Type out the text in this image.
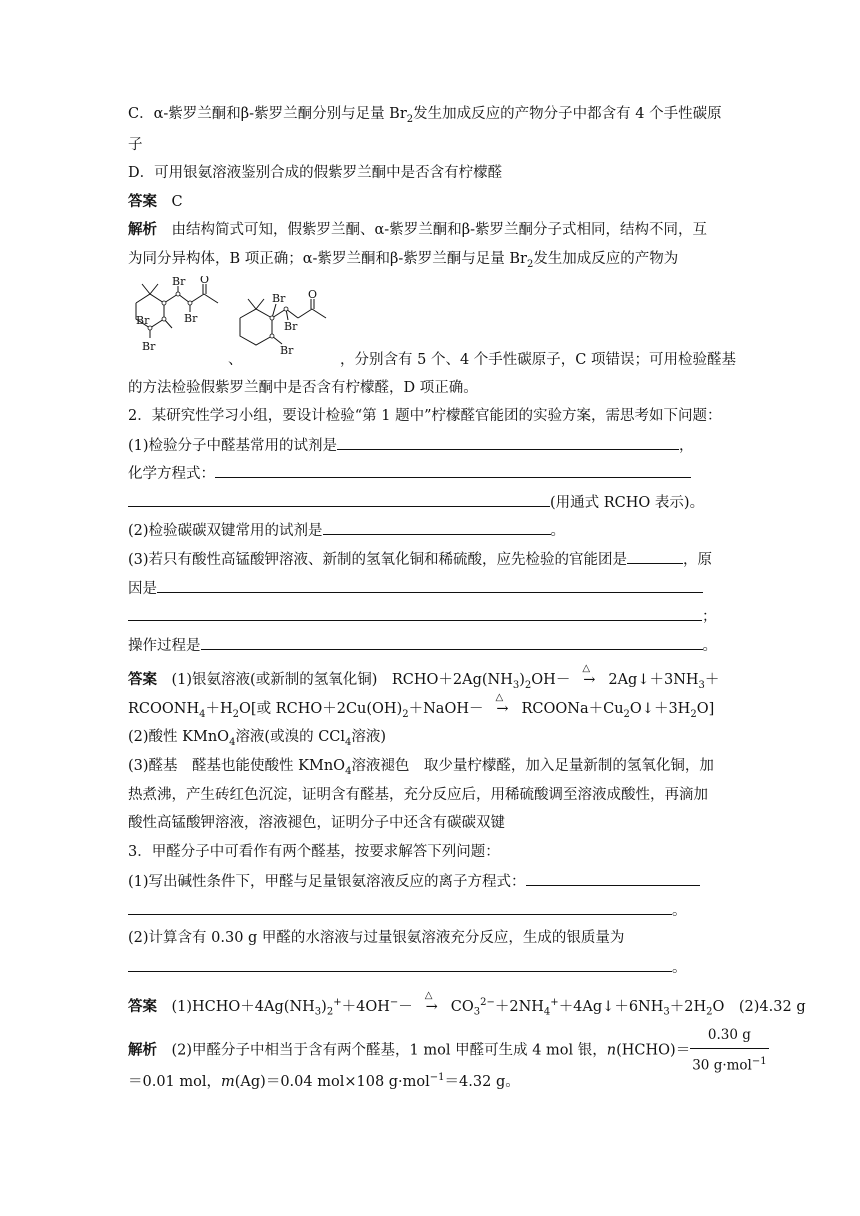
C．α-紫罗兰酮和β-紫罗兰酮分别与足量 $Br_2$发生加成反应的产物分子中都含有 4 个手性碳原
子
D．可用银氨溶液鉴别合成的假紫罗兰酮中是否含有柠檬醛
答案　 C
解析　 由结构简式可知，假紫罗兰酮、α-紫罗兰酮和β-紫罗兰酮分子式相同，结构不同，互
为同分异构体，B 项正确；α-紫罗兰酮和β-紫罗兰酮与足量 $Br_2$发生加成反应的产物为
Br O
Br
Br
Br
、
Br O
Br
Br
，分别含有 5 个、4 个手性碳原子，C 项错误；可用检验醛基
的方法检验假紫罗兰酮中是否含有柠檬醛，D 项正确。
2．某研究性学习小组，要设计检验“第 1 题中”柠檬醛官能团的实验方案，需思考如下问题：
(1)检验分子中醛基常用的试剂是	，
化学方程式：
(用通式 RCHO 表示)。
(2)检验碳碳双键常用的试剂是	。
(3)若只有酸性高锰酸钾溶液、新制的氢氧化铜和稀硫酸，应先检验的官能团是	，原
因是
；
操作过程是	。
答案　 (1)银氨溶液(或新制的氢氧化铜)　$RCHO+2Ag(NH_3)_2OH-$
△
→ $2Ag↓+3NH_3+$
$RCOONH_4+H_2O$[或 $RCHO+2Cu(OH)_2+NaOH-$
△
→ $RCOONa+Cu_2O↓+3H_2O$]
(2)酸性 KMnO$_4$溶液(或溴的 CCl$_4$溶液)
(3)醛基　醛基也能使酸性 KMnO$_4$溶液褪色　取少量柠檬醛，加入足量新制的氢氧化铜，加
热煮沸，产生砖红色沉淀，证明含有醛基，充分反应后，用稀硫酸调至溶液成酸性，再滴加
酸性高锰酸钾溶液，溶液褪色，证明分子中还含有碳碳双键
3．甲醛分子中可看作有两个醛基，按要求解答下列问题：
(1)写出碱性条件下，甲醛与足量银氨溶液反应的离子方程式：
。
(2)计算含有 0.30 g 甲醛的水溶液与过量银氨溶液充分反应，生成的银质量为
。
答案　 $(1)HCHO+4Ag(NH_3)_2^++4OH^--$
△
→ $CO_3^{2-}+2NH_4^++4Ag↓+6NH_3+2H_2O$　(2)4.32 g
解析　 (2)甲醛分子中相当于含有两个醛基，1 mol 甲醛可生成 4 mol 银，n(HCHO)＝ $\frac{0.30 g}{30 g\cdot mol^{-1}}$
＝0.01 mol，m(Ag)＝0.04 mol×108 g·mol$^{-1}$＝4.32 g。
